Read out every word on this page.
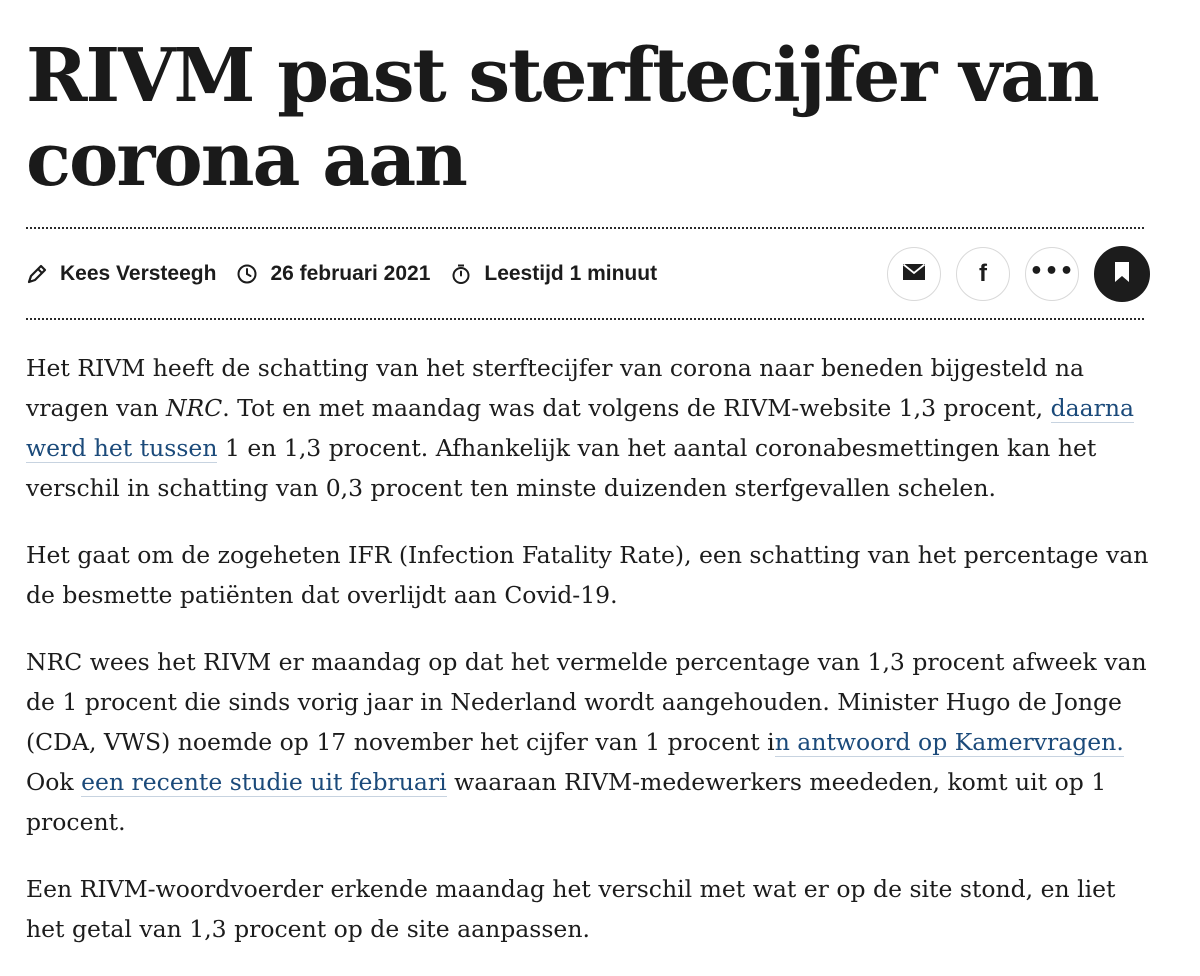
RIVM past sterftecijfer van corona aan
Kees Versteegh	26 februari 2021	Leestijd 1 minuut	f •••

Het RIVM heeft de schatting van het sterftecijfer van corona naar beneden bijgesteld na vragen van NRC. Tot en met maandag was dat volgens de RIVM-website 1,3 procent, daarna werd het tussen 1 en 1,3 procent. Afhankelijk van het aantal coronabesmettingen kan het verschil in schatting van 0,3 procent ten minste duizenden sterfgevallen schelen.

Het gaat om de zogeheten IFR (Infection Fatality Rate), een schatting van het percentage van de besmette patiënten dat overlijdt aan Covid-19.

NRC wees het RIVM er maandag op dat het vermelde percentage van 1,3 procent afweek van de 1 procent die sinds vorig jaar in Nederland wordt aangehouden. Minister Hugo de Jonge (CDA, VWS) noemde op 17 november het cijfer van 1 procent in antwoord op Kamervragen. Ook een recente studie uit februari waaraan RIVM-medewerkers meededen, komt uit op 1 procent.

Een RIVM-woordvoerder erkende maandag het verschil met wat er op de site stond, en liet het getal van 1,3 procent op de site aanpassen.
